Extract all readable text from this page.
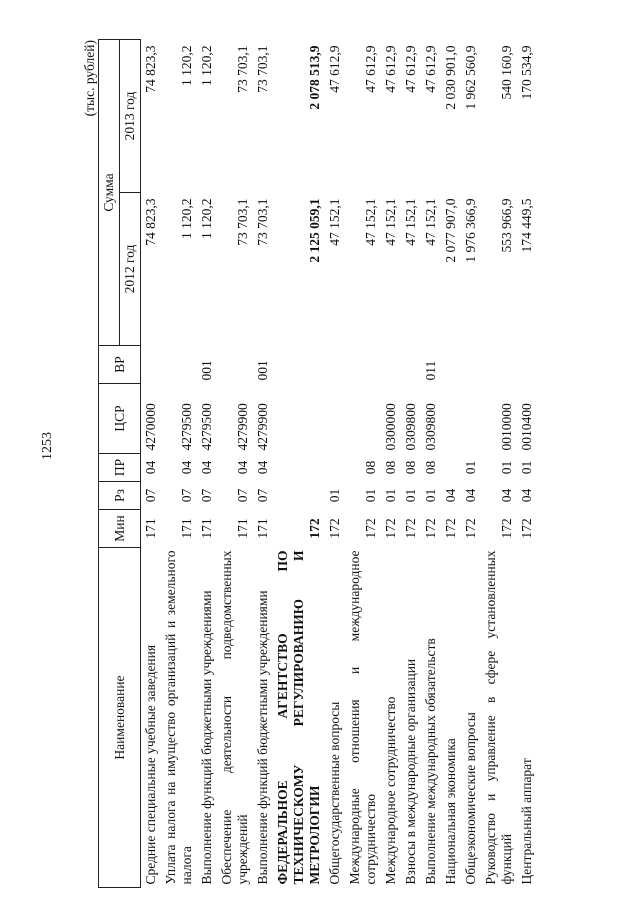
1253
(тыс. рублей)
Наименование	Мин	Рз	ПР	ЦСР	ВР	Сумма	
						2012 год	2013 год
Средние специальные учебные заведения	171	07	04	4270000		74 823,3	74 823,3
Уплата налога на имущество организаций и земельного налога	171	07	04	4279500		1 120,2	1 120,2
Выполнение функций бюджетными учреждениями	171	07	04	4279500	001	1 120,2	1 120,2
Обеспечение деятельности подведомственных учреждений	171	07	04	4279900		73 703,1	73 703,1
Выполнение функций бюджетными учреждениями	171	07	04	4279900	001	73 703,1	73 703,1
ФЕДЕРАЛЬНОЕ АГЕНТСТВО ПО ТЕХНИЧЕСКОМУ РЕГУЛИРОВАНИЮ И МЕТРОЛОГИИ	172					2 125 059,1	2 078 513,9
Общегосударственные вопросы	172	01				47 152,1	47 612,9
Международные отношения и международное сотрудничество	172	01	08			47 152,1	47 612,9
Международное сотрудничество	172	01	08	0300000		47 152,1	47 612,9
Взносы в международные организации	172	01	08	0309800		47 152,1	47 612,9
Выполнение международных обязательств	172	01	08	0309800	011	47 152,1	47 612,9
Национальная экономика	172	04				2 077 907,0	2 030 901,0
Общеэкономические вопросы	172	04	01			1 976 366,9	1 962 560,9
Руководство и управление в сфере установленных функций	172	04	01	0010000		553 966,9	540 160,9
Центральный аппарат	172	04	01	0010400		174 449,5	170 534,9
